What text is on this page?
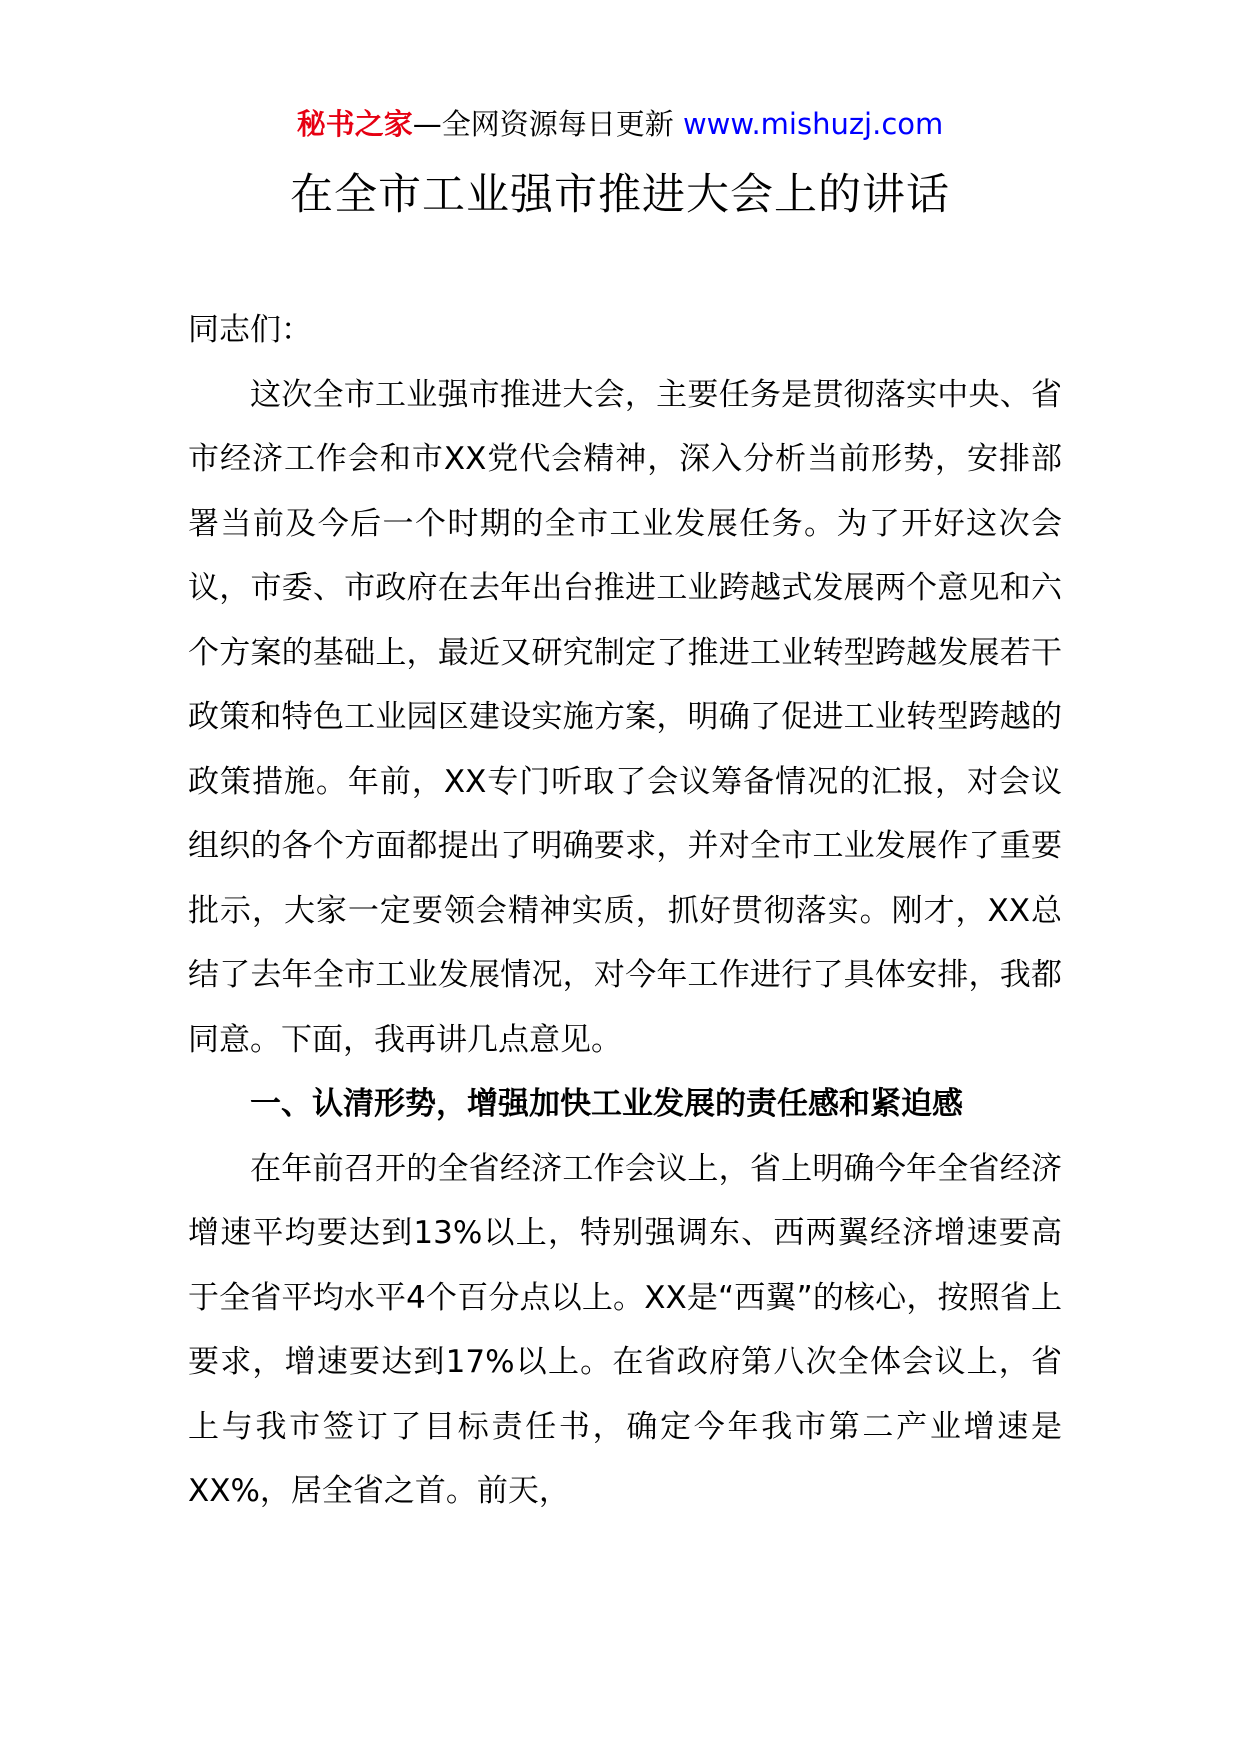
秘书之家—全网资源每日更新 www.mishuzj.com
在全市工业强市推进大会上的讲话

同志们：

这次全市工业强市推进大会，主要任务是贯彻落实中央、省市经济工作会和市XX党代会精神，深入分析当前形势，安排部署当前及今后一个时期的全市工业发展任务。为了开好这次会议，市委、市政府在去年出台推进工业跨越式发展两个意见和六个方案的基础上，最近又研究制定了推进工业转型跨越发展若干政策和特色工业园区建设实施方案，明确了促进工业转型跨越的政策措施。年前，XX专门听取了会议筹备情况的汇报，对会议组织的各个方面都提出了明确要求，并对全市工业发展作了重要批示，大家一定要领会精神实质，抓好贯彻落实。刚才，XX总结了去年全市工业发展情况，对今年工作进行了具体安排，我都同意。下面，我再讲几点意见。

一、认清形势，增强加快工业发展的责任感和紧迫感

在年前召开的全省经济工作会议上，省上明确今年全省经济增速平均要达到13%以上，特别强调东、西两翼经济增速要高于全省平均水平4个百分点以上。XX是“西翼”的核心，按照省上要求，增速要达到17%以上。在省政府第八次全体会议上，省上与我市签订了目标责任书，确定今年我市第二产业增速是XX%，居全省之首。前天，
